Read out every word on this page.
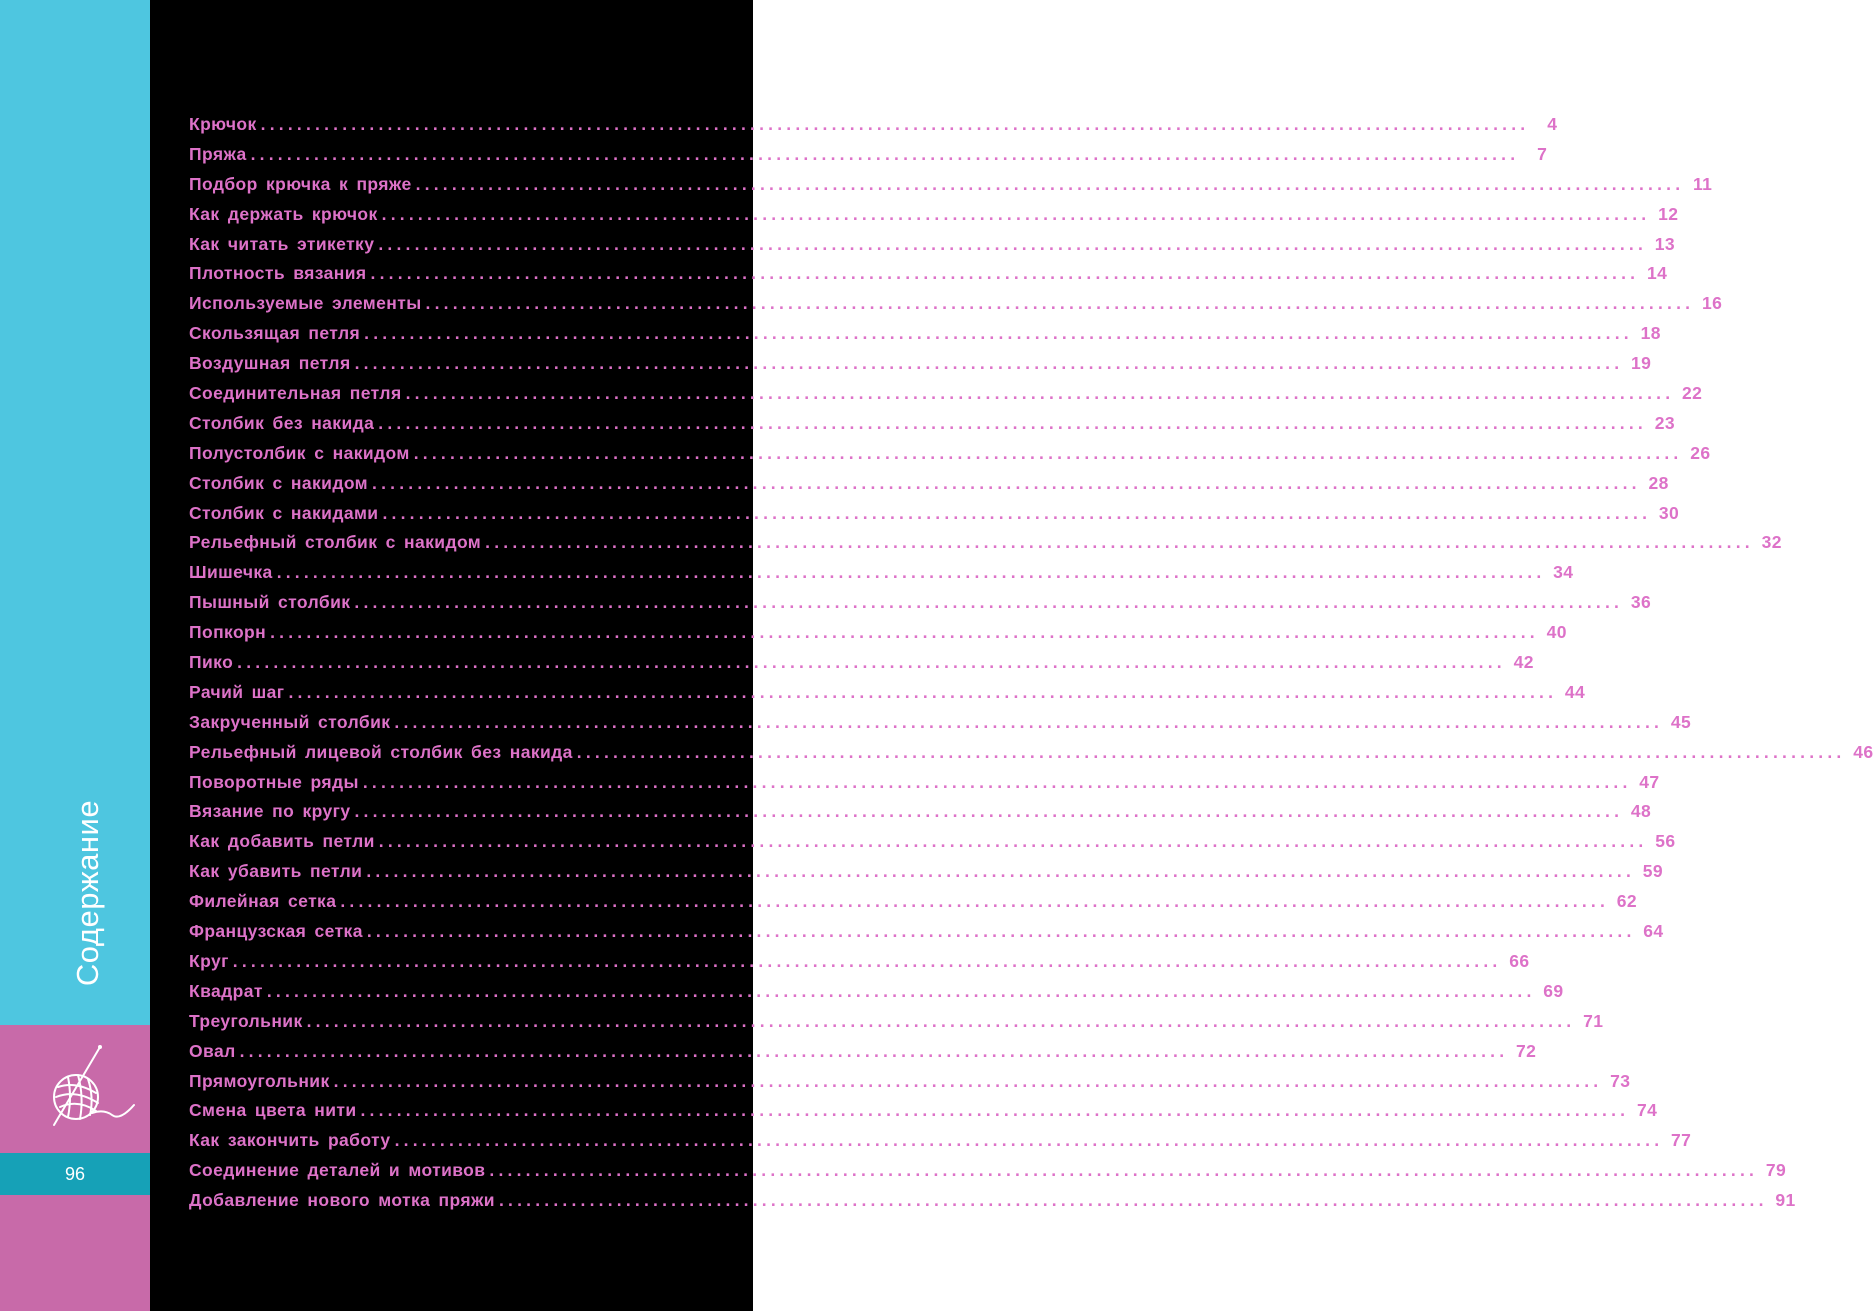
Содержание
96
Крючок ............................................................................................................................................	4
Пряжа ............................................................................................................................................	7
Подбор крючка к пряже ............................................................................................................................................ 11
Как держать крючок ............................................................................................................................................ 12
Как читать этикетку ............................................................................................................................................ 13
Плотность вязания ............................................................................................................................................ 14
Используемые элементы ............................................................................................................................................ 16
Скользящая петля ............................................................................................................................................ 18
Воздушная петля ............................................................................................................................................ 19
Соединительная петля ............................................................................................................................................ 22
Столбик без накида ............................................................................................................................................ 23
Полустолбик с накидом ............................................................................................................................................ 26
Столбик с накидом ............................................................................................................................................ 28
Столбик с накидами ............................................................................................................................................ 30
Рельефный столбик с накидом ............................................................................................................................................ 32
Шишечка ............................................................................................................................................ 34
Пышный столбик ............................................................................................................................................ 36
Попкорн ............................................................................................................................................ 40
Пико ............................................................................................................................................ 42
Рачий шаг ............................................................................................................................................ 44
Закрученный столбик ............................................................................................................................................ 45
Рельефный лицевой столбик без накида ............................................................................................................................................ 46
Поворотные ряды ............................................................................................................................................ 47
Вязание по кругу ............................................................................................................................................ 48
Как добавить петли ............................................................................................................................................ 56
Как убавить петли ............................................................................................................................................ 59
Филейная сетка ............................................................................................................................................ 62
Французская сетка ............................................................................................................................................ 64
Круг ............................................................................................................................................ 66
Квадрат ............................................................................................................................................ 69
Треугольник ............................................................................................................................................ 71
Овал ............................................................................................................................................ 72
Прямоугольник ............................................................................................................................................ 73
Смена цвета нити ............................................................................................................................................ 74
Как закончить работу ............................................................................................................................................ 77
Соединение деталей и мотивов ............................................................................................................................................ 79
Добавление нового мотка пряжи ............................................................................................................................................ 91
